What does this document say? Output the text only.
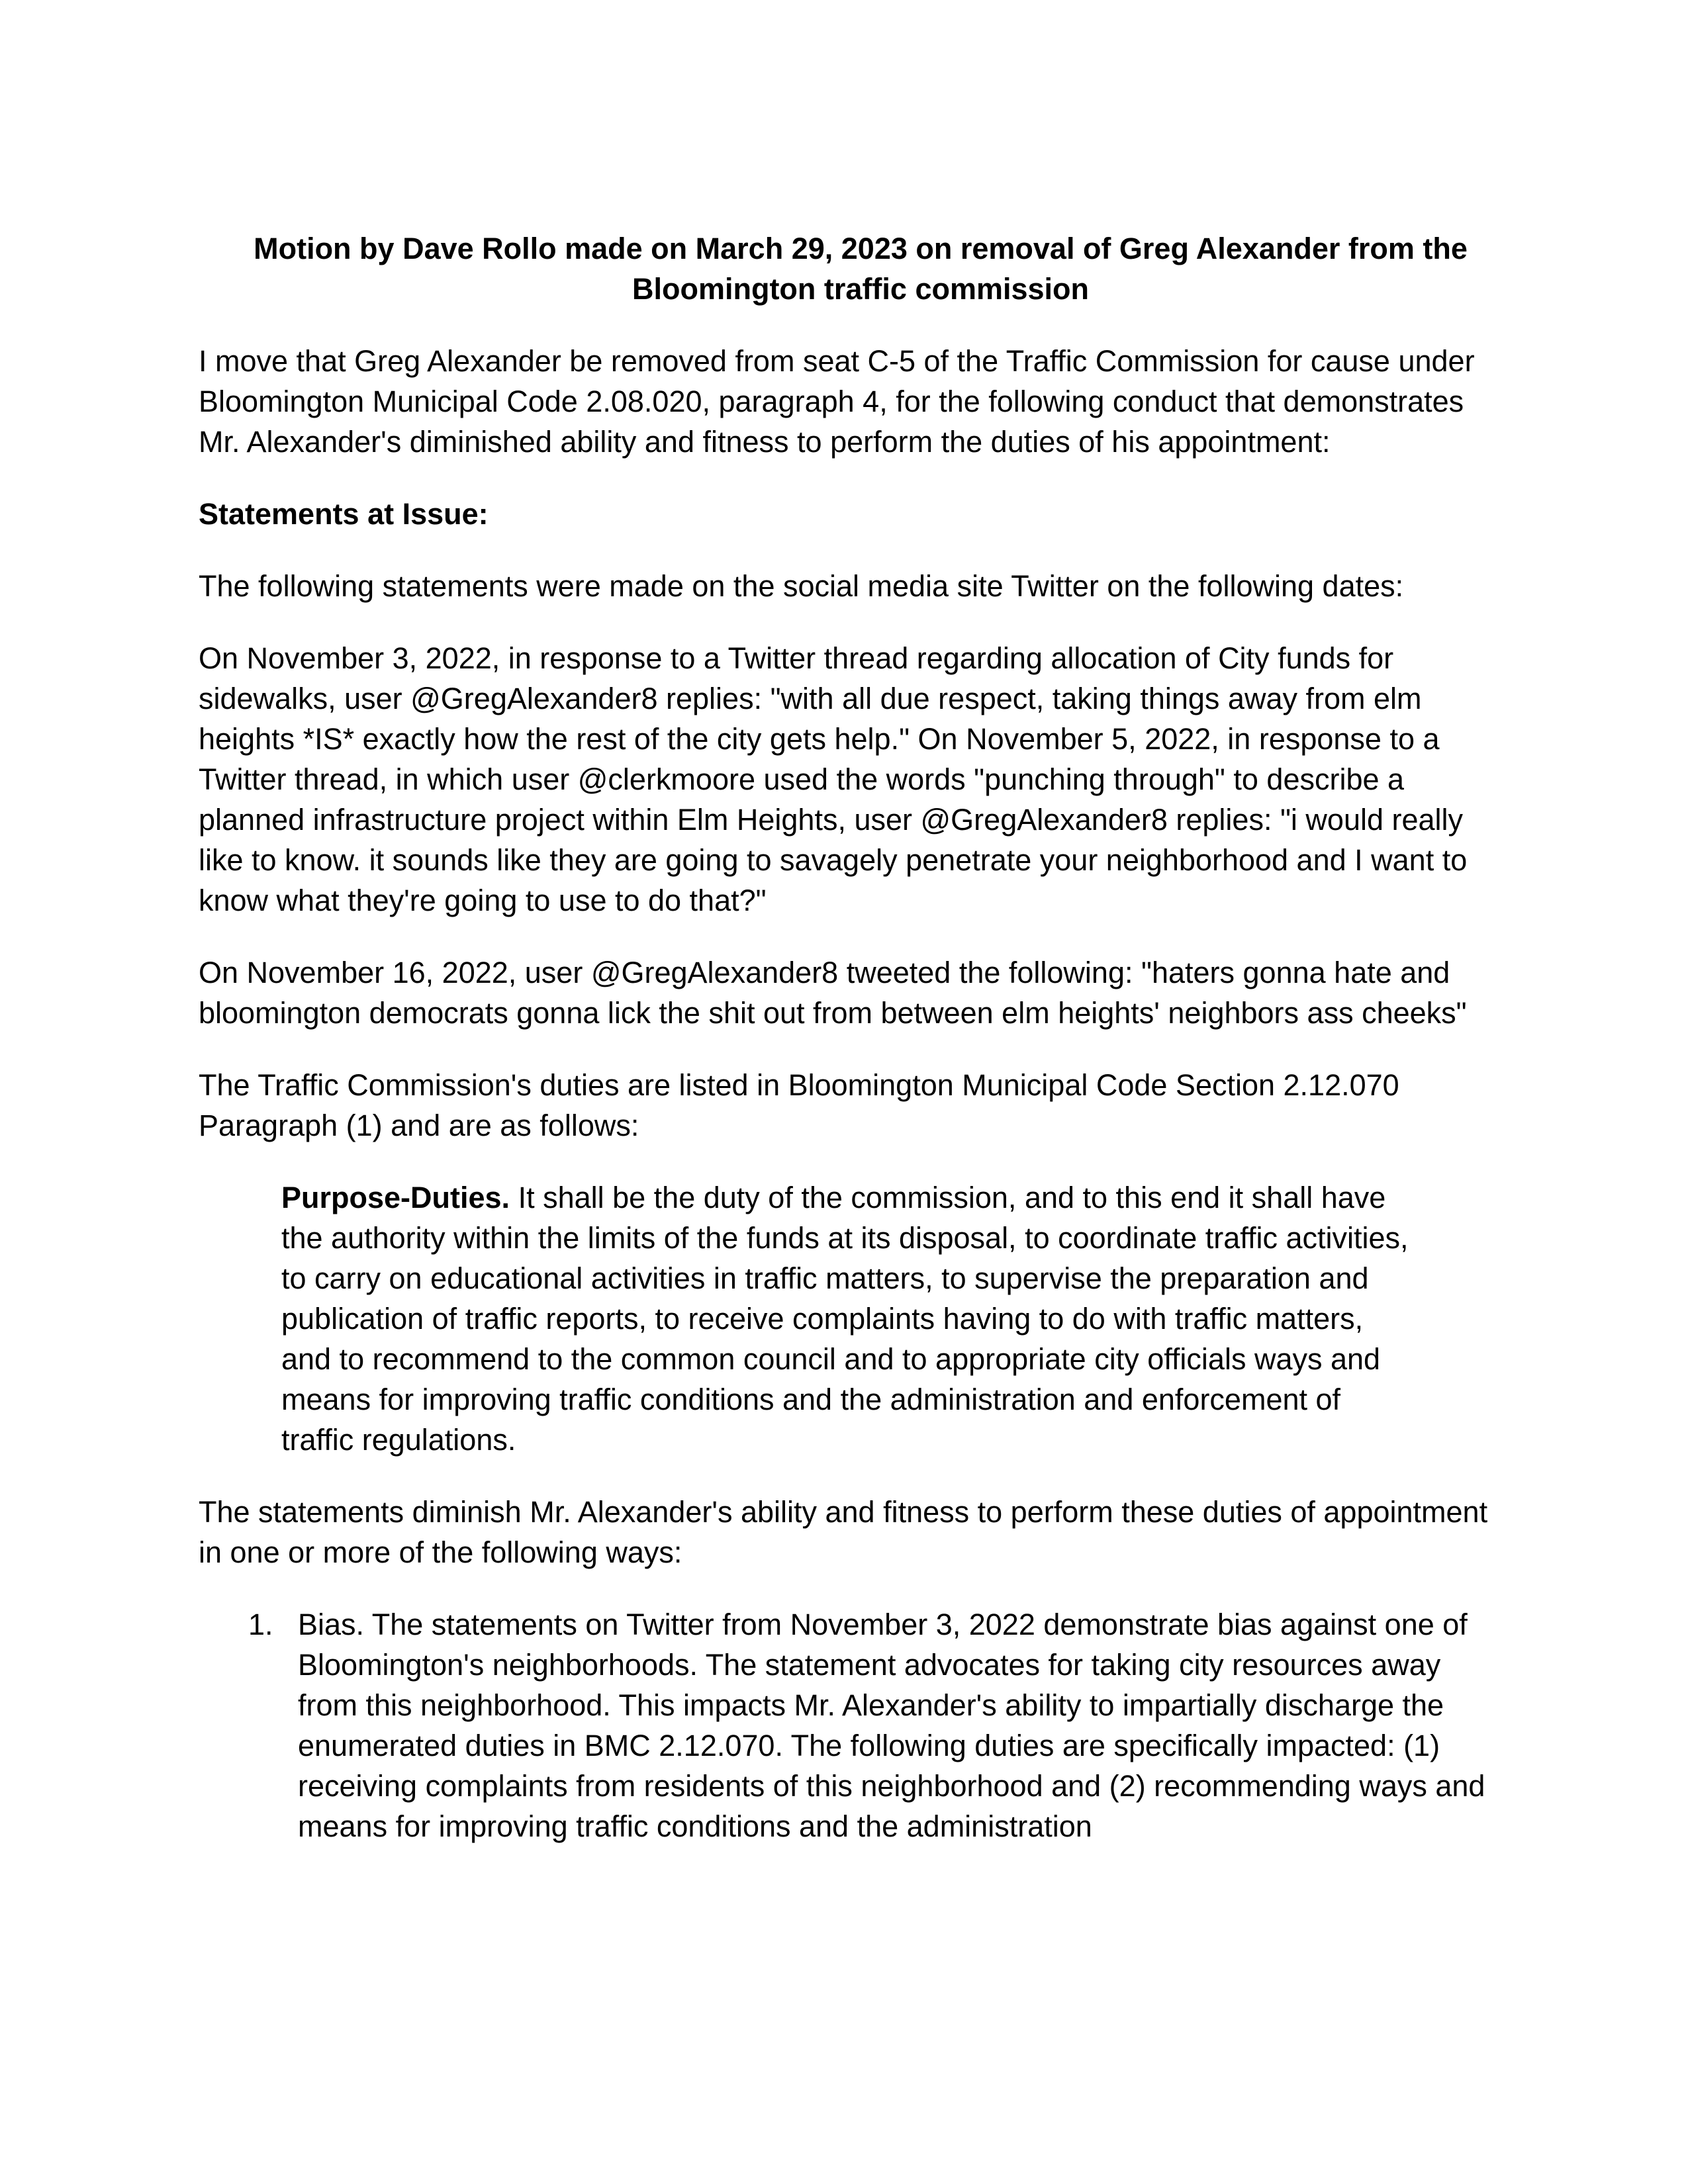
Motion by Dave Rollo made on March 29, 2023 on removal of Greg Alexander from the Bloomington traffic commission

I move that Greg Alexander be removed from seat C-5 of the Traffic Commission for cause under Bloomington Municipal Code 2.08.020, paragraph 4, for the following conduct that demonstrates Mr. Alexander's diminished ability and fitness to perform the duties of his appointment:

Statements at Issue:

The following statements were made on the social media site Twitter on the following dates:

On November 3, 2022, in response to a Twitter thread regarding allocation of City funds for sidewalks, user @GregAlexander8 replies: "with all due respect, taking things away from elm heights *IS* exactly how the rest of the city gets help." On November 5, 2022, in response to a Twitter thread, in which user @clerkmoore used the words "punching through" to describe a planned infrastructure project within Elm Heights, user @GregAlexander8 replies: "i would really like to know. it sounds like they are going to savagely penetrate your neighborhood and I want to know what they're going to use to do that?"

On November 16, 2022, user @GregAlexander8 tweeted the following: "haters gonna hate and bloomington democrats gonna lick the shit out from between elm heights' neighbors ass cheeks"

The Traffic Commission's duties are listed in Bloomington Municipal Code Section 2.12.070 Paragraph (1) and are as follows:

Purpose-Duties. It shall be the duty of the commission, and to this end it shall have the authority within the limits of the funds at its disposal, to coordinate traffic activities, to carry on educational activities in traffic matters, to supervise the preparation and publication of traffic reports, to receive complaints having to do with traffic matters, and to recommend to the common council and to appropriate city officials ways and means for improving traffic conditions and the administration and enforcement of traffic regulations.

The statements diminish Mr. Alexander's ability and fitness to perform these duties of appointment in one or more of the following ways:

1. Bias. The statements on Twitter from November 3, 2022 demonstrate bias against one of Bloomington's neighborhoods. The statement advocates for taking city resources away from this neighborhood. This impacts Mr. Alexander's ability to impartially discharge the enumerated duties in BMC 2.12.070. The following duties are specifically impacted: (1) receiving complaints from residents of this neighborhood and (2) recommending ways and means for improving traffic conditions and the administration
